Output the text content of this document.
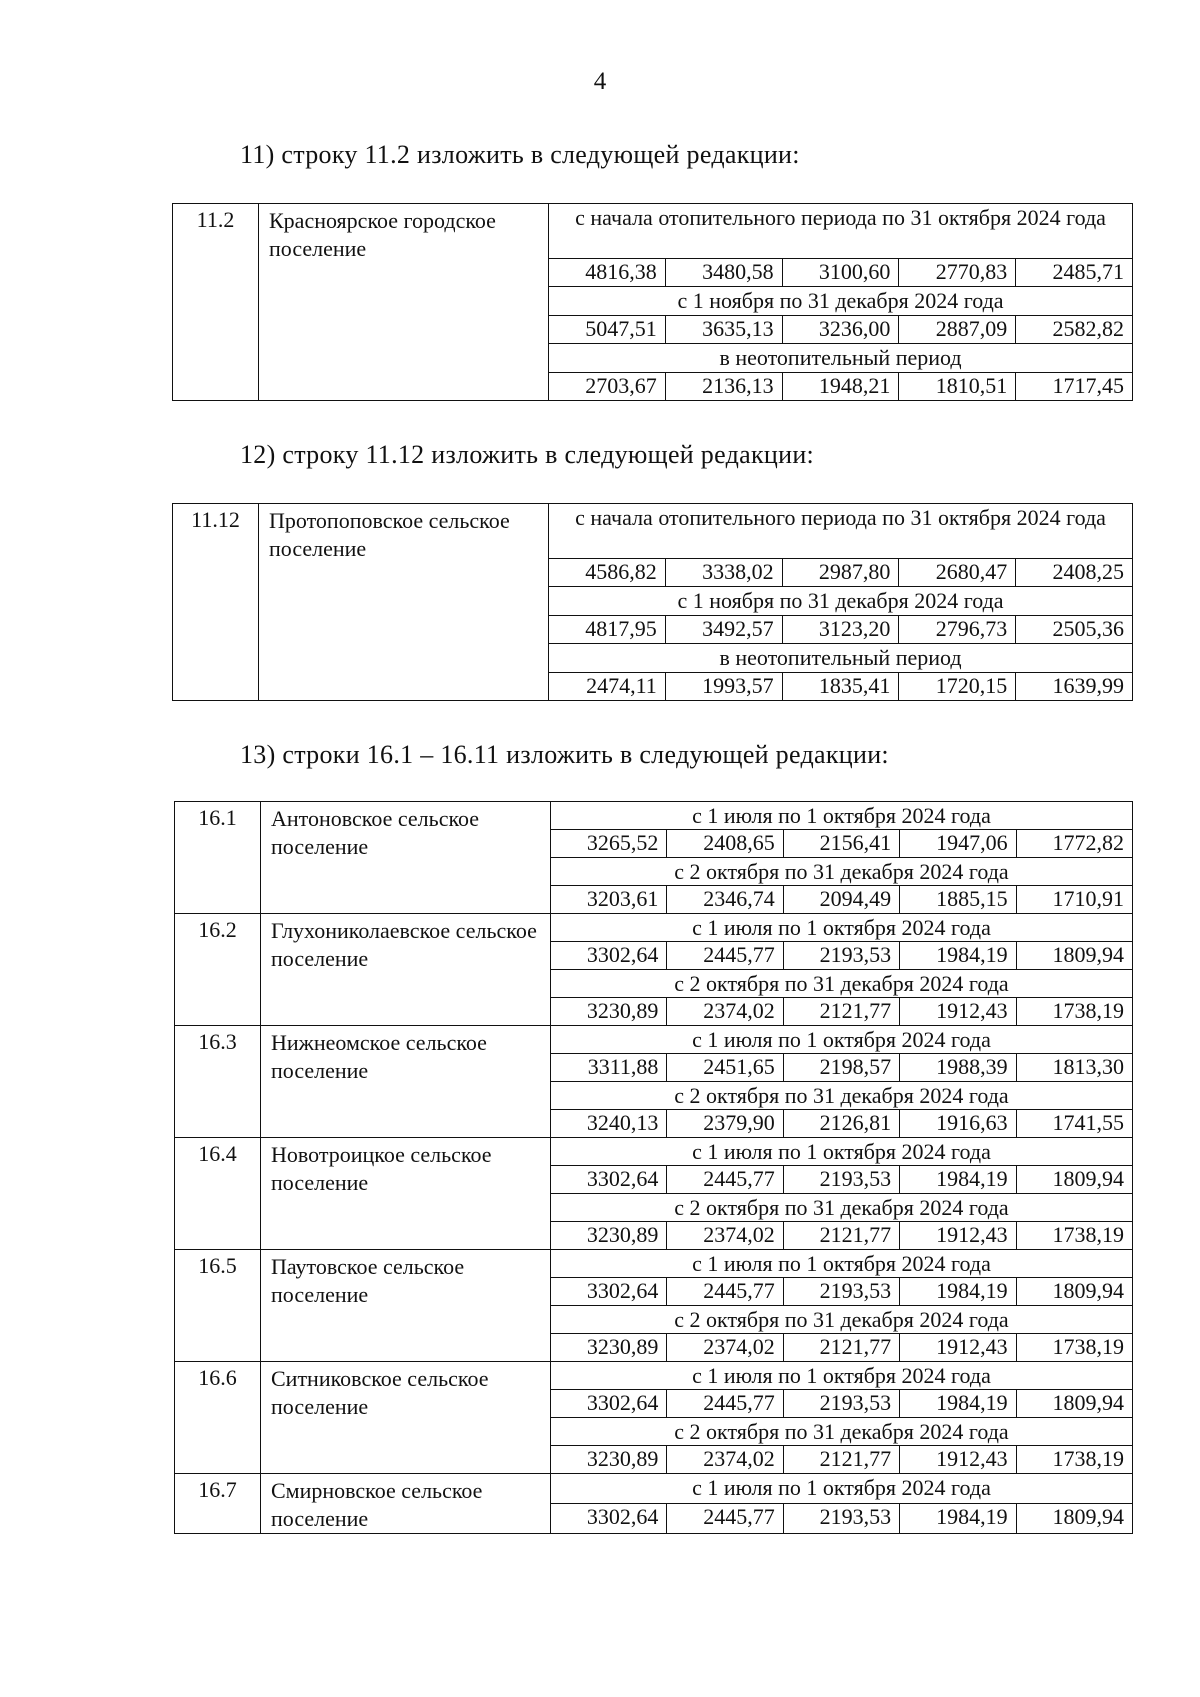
4
11) строку 11.2 изложить в следующей редакции:
11.2	Красноярское городское поселение	с начала отопительного периода по 31 октября 2024 года				
		4816,38	3480,58	3100,60	2770,83	2485,71
		с 1 ноября по 31 декабря 2024 года				
		5047,51	3635,13	3236,00	2887,09	2582,82
		в неотопительный период				
		2703,67	2136,13	1948,21	1810,51	1717,45
12) строку 11.12 изложить в следующей редакции:
11.12	Протопоповское сельское поселение	с начала отопительного периода по 31 октября 2024 года				
		4586,82	3338,02	2987,80	2680,47	2408,25
		с 1 ноября по 31 декабря 2024 года				
		4817,95	3492,57	3123,20	2796,73	2505,36
		в неотопительный период				
		2474,11	1993,57	1835,41	1720,15	1639,99
13) строки 16.1 – 16.11 изложить в следующей редакции:
16.1	Антоновское сельское поселение	с 1 июля по 1 октября 2024 года				
		3265,52	2408,65	2156,41	1947,06	1772,82
		с 2 октября по 31 декабря 2024 года				
		3203,61	2346,74	2094,49	1885,15	1710,91
16.2	Глухониколаевское сельское поселение	с 1 июля по 1 октября 2024 года				
		3302,64	2445,77	2193,53	1984,19	1809,94
		с 2 октября по 31 декабря 2024 года				
		3230,89	2374,02	2121,77	1912,43	1738,19
16.3	Нижнеомское сельское поселение	с 1 июля по 1 октября 2024 года				
		3311,88	2451,65	2198,57	1988,39	1813,30
		с 2 октября по 31 декабря 2024 года				
		3240,13	2379,90	2126,81	1916,63	1741,55
16.4	Новотроицкое сельское поселение	с 1 июля по 1 октября 2024 года				
		3302,64	2445,77	2193,53	1984,19	1809,94
		с 2 октября по 31 декабря 2024 года				
		3230,89	2374,02	2121,77	1912,43	1738,19
16.5	Паутовское сельское поселение	с 1 июля по 1 октября 2024 года				
		3302,64	2445,77	2193,53	1984,19	1809,94
		с 2 октября по 31 декабря 2024 года				
		3230,89	2374,02	2121,77	1912,43	1738,19
16.6	Ситниковское сельское поселение	с 1 июля по 1 октября 2024 года				
		3302,64	2445,77	2193,53	1984,19	1809,94
		с 2 октября по 31 декабря 2024 года				
		3230,89	2374,02	2121,77	1912,43	1738,19
16.7	Смирновское сельское поселение	с 1 июля по 1 октября 2024 года				
		3302,64	2445,77	2193,53	1984,19	1809,94
